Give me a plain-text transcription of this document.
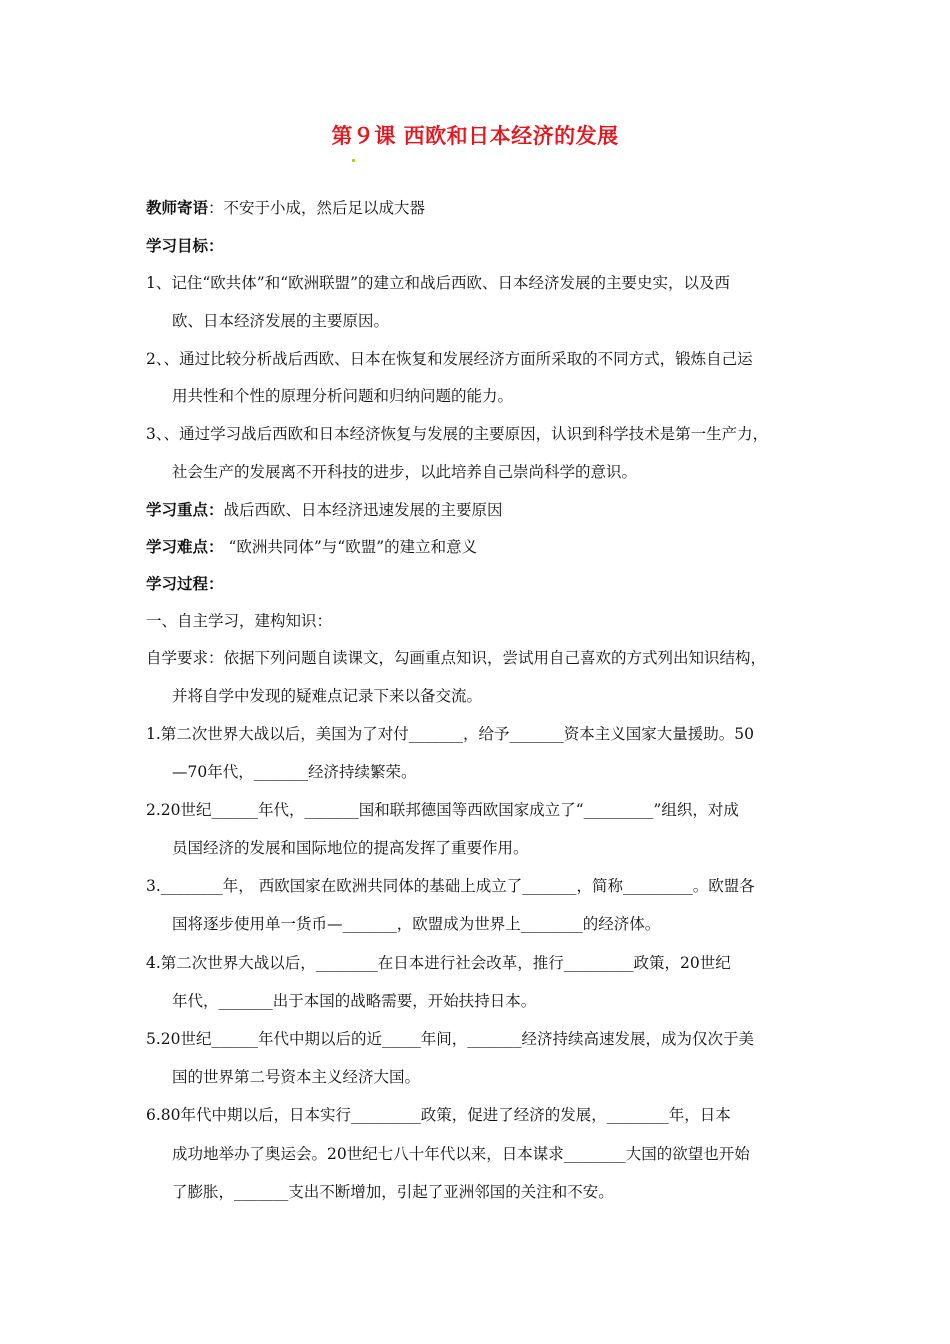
第９课 西欧和日本经济的发展
教师寄语：不安于小成，然后足以成大器
学习目标：
1、记住“欧共体”和“欧洲联盟”的建立和战后西欧、日本经济发展的主要史实，以及西
欧、日本经济发展的主要原因。
2、、通过比较分析战后西欧、日本在恢复和发展经济方面所采取的不同方式，锻炼自己运
用共性和个性的原理分析问题和归纳问题的能力。
3、、通过学习战后西欧和日本经济恢复与发展的主要原因，认识到科学技术是第一生产力，
社会生产的发展离不开科技的进步，以此培养自己崇尚科学的意识。
学习重点：战后西欧、日本经济迅速发展的主要原因
学习难点： “欧洲共同体”与“欧盟”的建立和意义
学习过程：
一、自主学习，建构知识：
自学要求：依据下列问题自读课文，勾画重点知识，尝试用自己喜欢的方式列出知识结构，
并将自学中发现的疑难点记录下来以备交流。
1.第二次世界大战以后，美国为了对付_______，给予_______资本主义国家大量援助。50
—70年代，_______经济持续繁荣。
2.20世纪______年代，_______国和联邦德国等西欧国家成立了“_________”组织，对成
员国经济的发展和国际地位的提高发挥了重要作用。
3.________年， 西欧国家在欧洲共同体的基础上成立了_______，简称_________。欧盟各
国将逐步使用单一货币—_______，欧盟成为世界上________的经济体。
4.第二次世界大战以后，________在日本进行社会改革，推行_________政策，20世纪
年代，_______出于本国的战略需要，开始扶持日本。
5.20世纪______年代中期以后的近_____年间，_______经济持续高速发展，成为仅次于美
国的世界第二号资本主义经济大国。
6.80年代中期以后，日本实行_________政策，促进了经济的发展，________年，日本
成功地举办了奥运会。20世纪七八十年代以来，日本谋求________大国的欲望也开始
了膨胀，_______支出不断增加，引起了亚洲邻国的关注和不安。
